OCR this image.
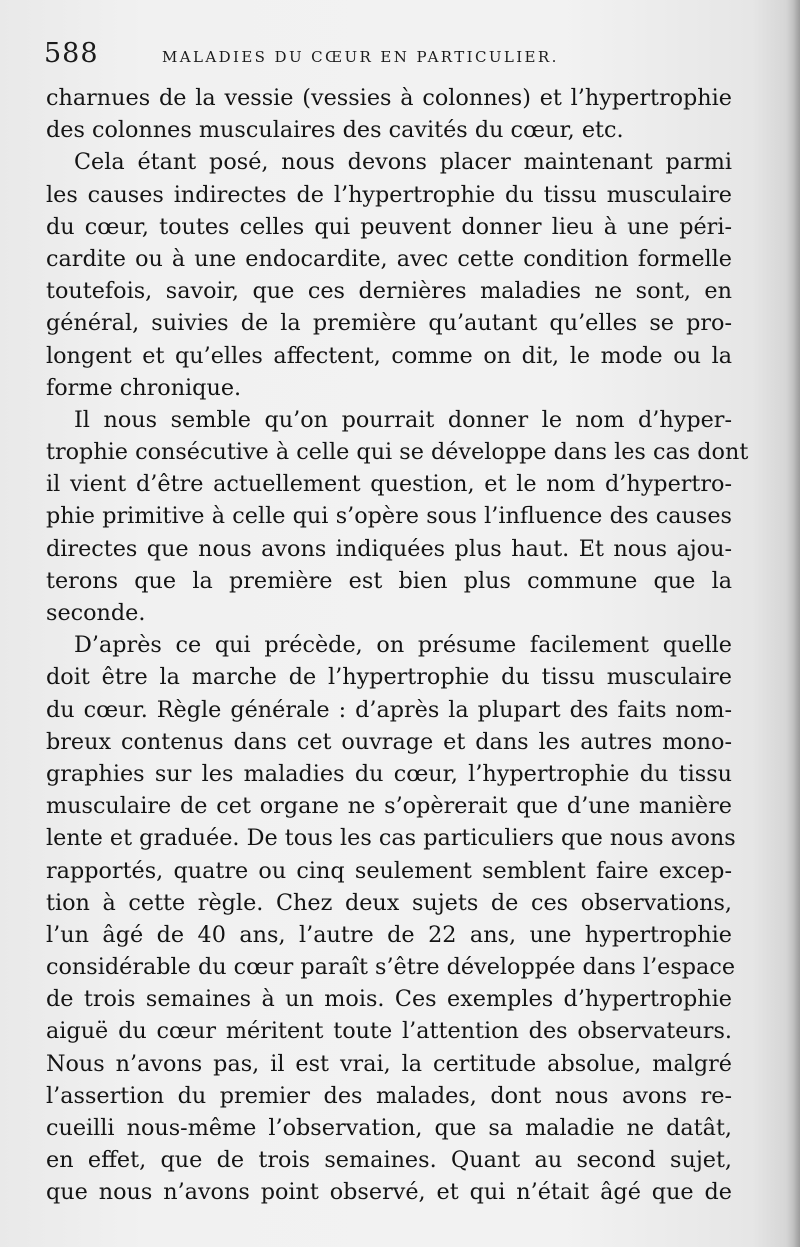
588	MALADIES DU CŒUR EN PARTICULIER.
charnues de la vessie (vessies à colonnes) et l’hypertrophie
des colonnes musculaires des cavités du cœur, etc.
Cela étant posé, nous devons placer maintenant parmi
les causes indirectes de l’hypertrophie du tissu musculaire
du cœur, toutes celles qui peuvent donner lieu à une péri-
cardite ou à une endocardite, avec cette condition formelle
toutefois, savoir, que ces dernières maladies ne sont, en
général, suivies de la première qu’autant qu’elles se pro-
longent et qu’elles affectent, comme on dit, le mode ou la
forme chronique.
Il nous semble qu’on pourrait donner le nom d’hyper-
trophie consécutive à celle qui se développe dans les cas dont
il vient d’être actuellement question, et le nom d’hypertro-
phie primitive à celle qui s’opère sous l’influence des causes
directes que nous avons indiquées plus haut. Et nous ajou-
terons que la première est bien plus commune que la
seconde.
D’après ce qui précède, on présume facilement quelle
doit être la marche de l’hypertrophie du tissu musculaire
du cœur. Règle générale : d’après la plupart des faits nom-
breux contenus dans cet ouvrage et dans les autres mono-
graphies sur les maladies du cœur, l’hypertrophie du tissu
musculaire de cet organe ne s’opèrerait que d’une manière
lente et graduée. De tous les cas particuliers que nous avons
rapportés, quatre ou cinq seulement semblent faire excep-
tion à cette règle. Chez deux sujets de ces observations,
l’un âgé de 40 ans, l’autre de 22 ans, une hypertrophie
considérable du cœur paraît s’être développée dans l’espace
de trois semaines à un mois. Ces exemples d’hypertrophie
aiguë du cœur méritent toute l’attention des observateurs.
Nous n’avons pas, il est vrai, la certitude absolue, malgré
l’assertion du premier des malades, dont nous avons re-
cueilli nous-même l’observation, que sa maladie ne datât,
en effet, que de trois semaines. Quant au second sujet,
que nous n’avons point observé, et qui n’était âgé que de
